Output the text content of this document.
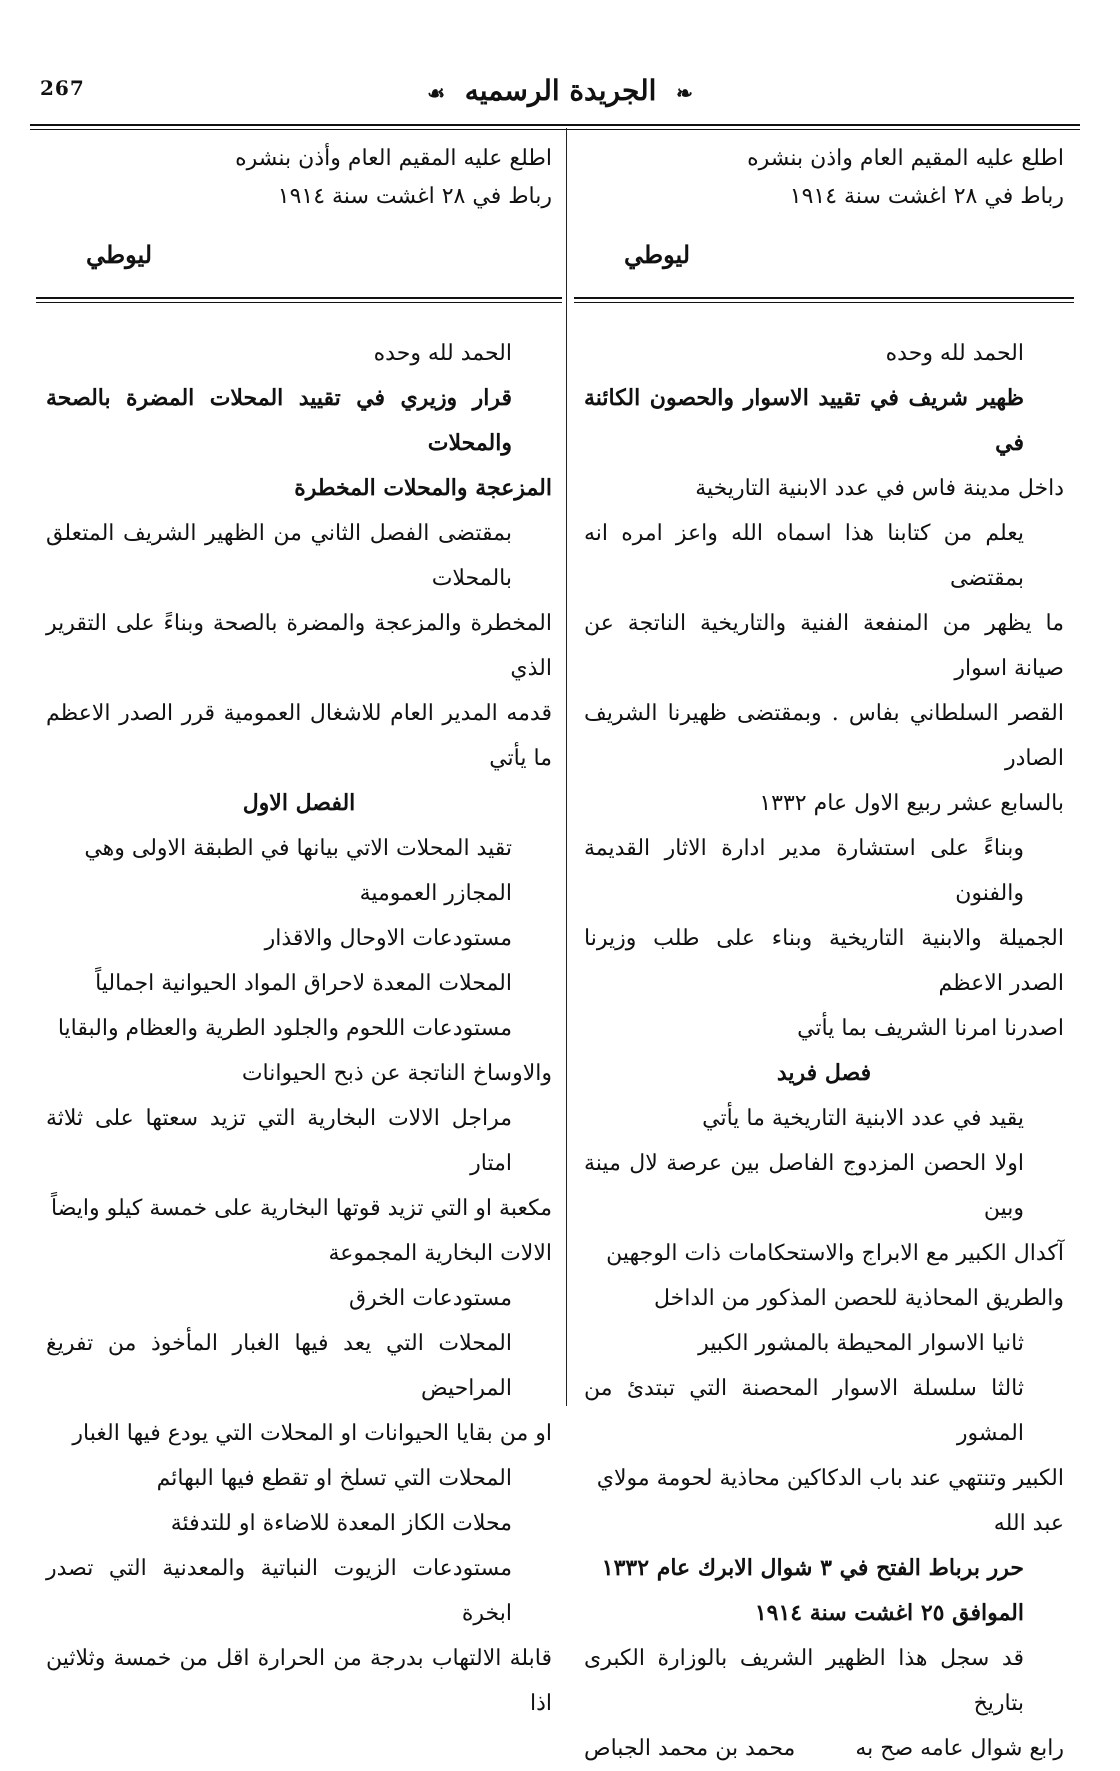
267	❧ الجريدة الرسميه ☙
اطلع عليه المقيم العام واذن بنشره
رباط في ٢٨ اغشت سنة ١٩١٤
ليوطي

الحمد لله وحده

ظهير شريف في تقييد الاسوار والحصون الكائنة في

داخل مدينة فاس في عدد الابنية التاريخية

يعلم من كتابنا هذا اسماه الله واعز امره انه بمقتضى

ما يظهر من المنفعة الفنية والتاريخية الناتجة عن صيانة اسوار

القصر السلطاني بفاس . وبمقتضى ظهيرنا الشريف الصادر

بالسابع عشر ربيع الاول عام ١٣٣٢

وبناءً على استشارة مدير ادارة الاثار القديمة والفنون

الجميلة والابنية التاريخية وبناء على طلب وزيرنا الصدر الاعظم

اصدرنا امرنا الشريف بما يأتي

فصل فريد

يقيد في عدد الابنية التاريخية ما يأتي

اولا الحصن المزدوج الفاصل بين عرصة لال مينة وبين

آكدال الكبير مع الابراج والاستحكامات ذات الوجهين

والطريق المحاذية للحصن المذكور من الداخل

ثانيا الاسوار المحيطة بالمشور الكبير

ثالثا سلسلة الاسوار المحصنة التي تبتدئ من المشور

الكبير وتنتهي عند باب الدكاكين محاذية لحومة مولاي

عبد الله

حرر برباط الفتح في ٣ شوال الابرك عام ١٣٣٢

الموافق ٢٥ اغشت سنة ١٩١٤

قد سجل هذا الظهير الشريف بالوزارة الكبرى بتاريخ

رابع شوال عامه صح به
محمد بن محمد الجباص
اطلع عليه المقيم العام وأذن بنشره
رباط في ٢٨ اغشت سنة ١٩١٤
ليوطي

الحمد لله وحده

قرار وزيري في تقييد المحلات المضرة بالصحة والمحلات

المزعجة والمحلات المخطرة

بمقتضى الفصل الثاني من الظهير الشريف المتعلق بالمحلات

المخطرة والمزعجة والمضرة بالصحة وبناءً على التقرير الذي

قدمه المدير العام للاشغال العمومية قرر الصدر الاعظم ما يأتي

الفصل الاول

تقيد المحلات الاتي بيانها في الطبقة الاولى وهي

المجازر العمومية

مستودعات الاوحال والاقذار

المحلات المعدة لاحراق المواد الحيوانية اجمالياً

مستودعات اللحوم والجلود الطرية والعظام والبقايا

والاوساخ الناتجة عن ذبح الحيوانات

مراجل الالات البخارية التي تزيد سعتها على ثلاثة امتار

مكعبة او التي تزيد قوتها البخارية على خمسة كيلو وايضاً

الالات البخارية المجموعة

مستودعات الخرق

المحلات التي يعد فيها الغبار المأخوذ من تفريغ المراحيض

او من بقايا الحيوانات او المحلات التي يودع فيها الغبار

المحلات التي تسلخ او تقطع فيها البهائم

محلات الكاز المعدة للاضاءة او للتدفئة

مستودعات الزيوت النباتية والمعدنية التي تصدر ابخرة

قابلة الالتهاب بدرجة من الحرارة اقل من خمسة وثلاثين اذا
